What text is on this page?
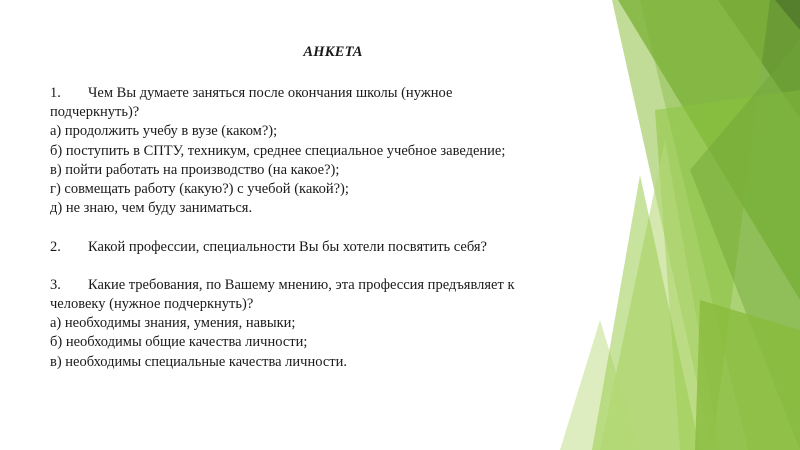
АНКЕТА
1. Чем Вы думаете заняться после окончания школы (нужное
подчеркнуть)?
а) продолжить учебу в вузе (каком?);
б) поступить в СПТУ, техникум, среднее специальное учебное заведение;
в) пойти работать на производство (на какое?);
г) совмещать работу (какую?) с учебой (какой?);
д) не знаю, чем буду заниматься.
2. Какой профессии, специальности Вы бы хотели посвятить себя?
3. Какие требования, по Вашему мнению, эта профессия предъявляет к
человеку (нужное подчеркнуть)?
а) необходимы знания, умения, навыки;
б) необходимы общие качества личности;
в) необходимы специальные качества личности.
